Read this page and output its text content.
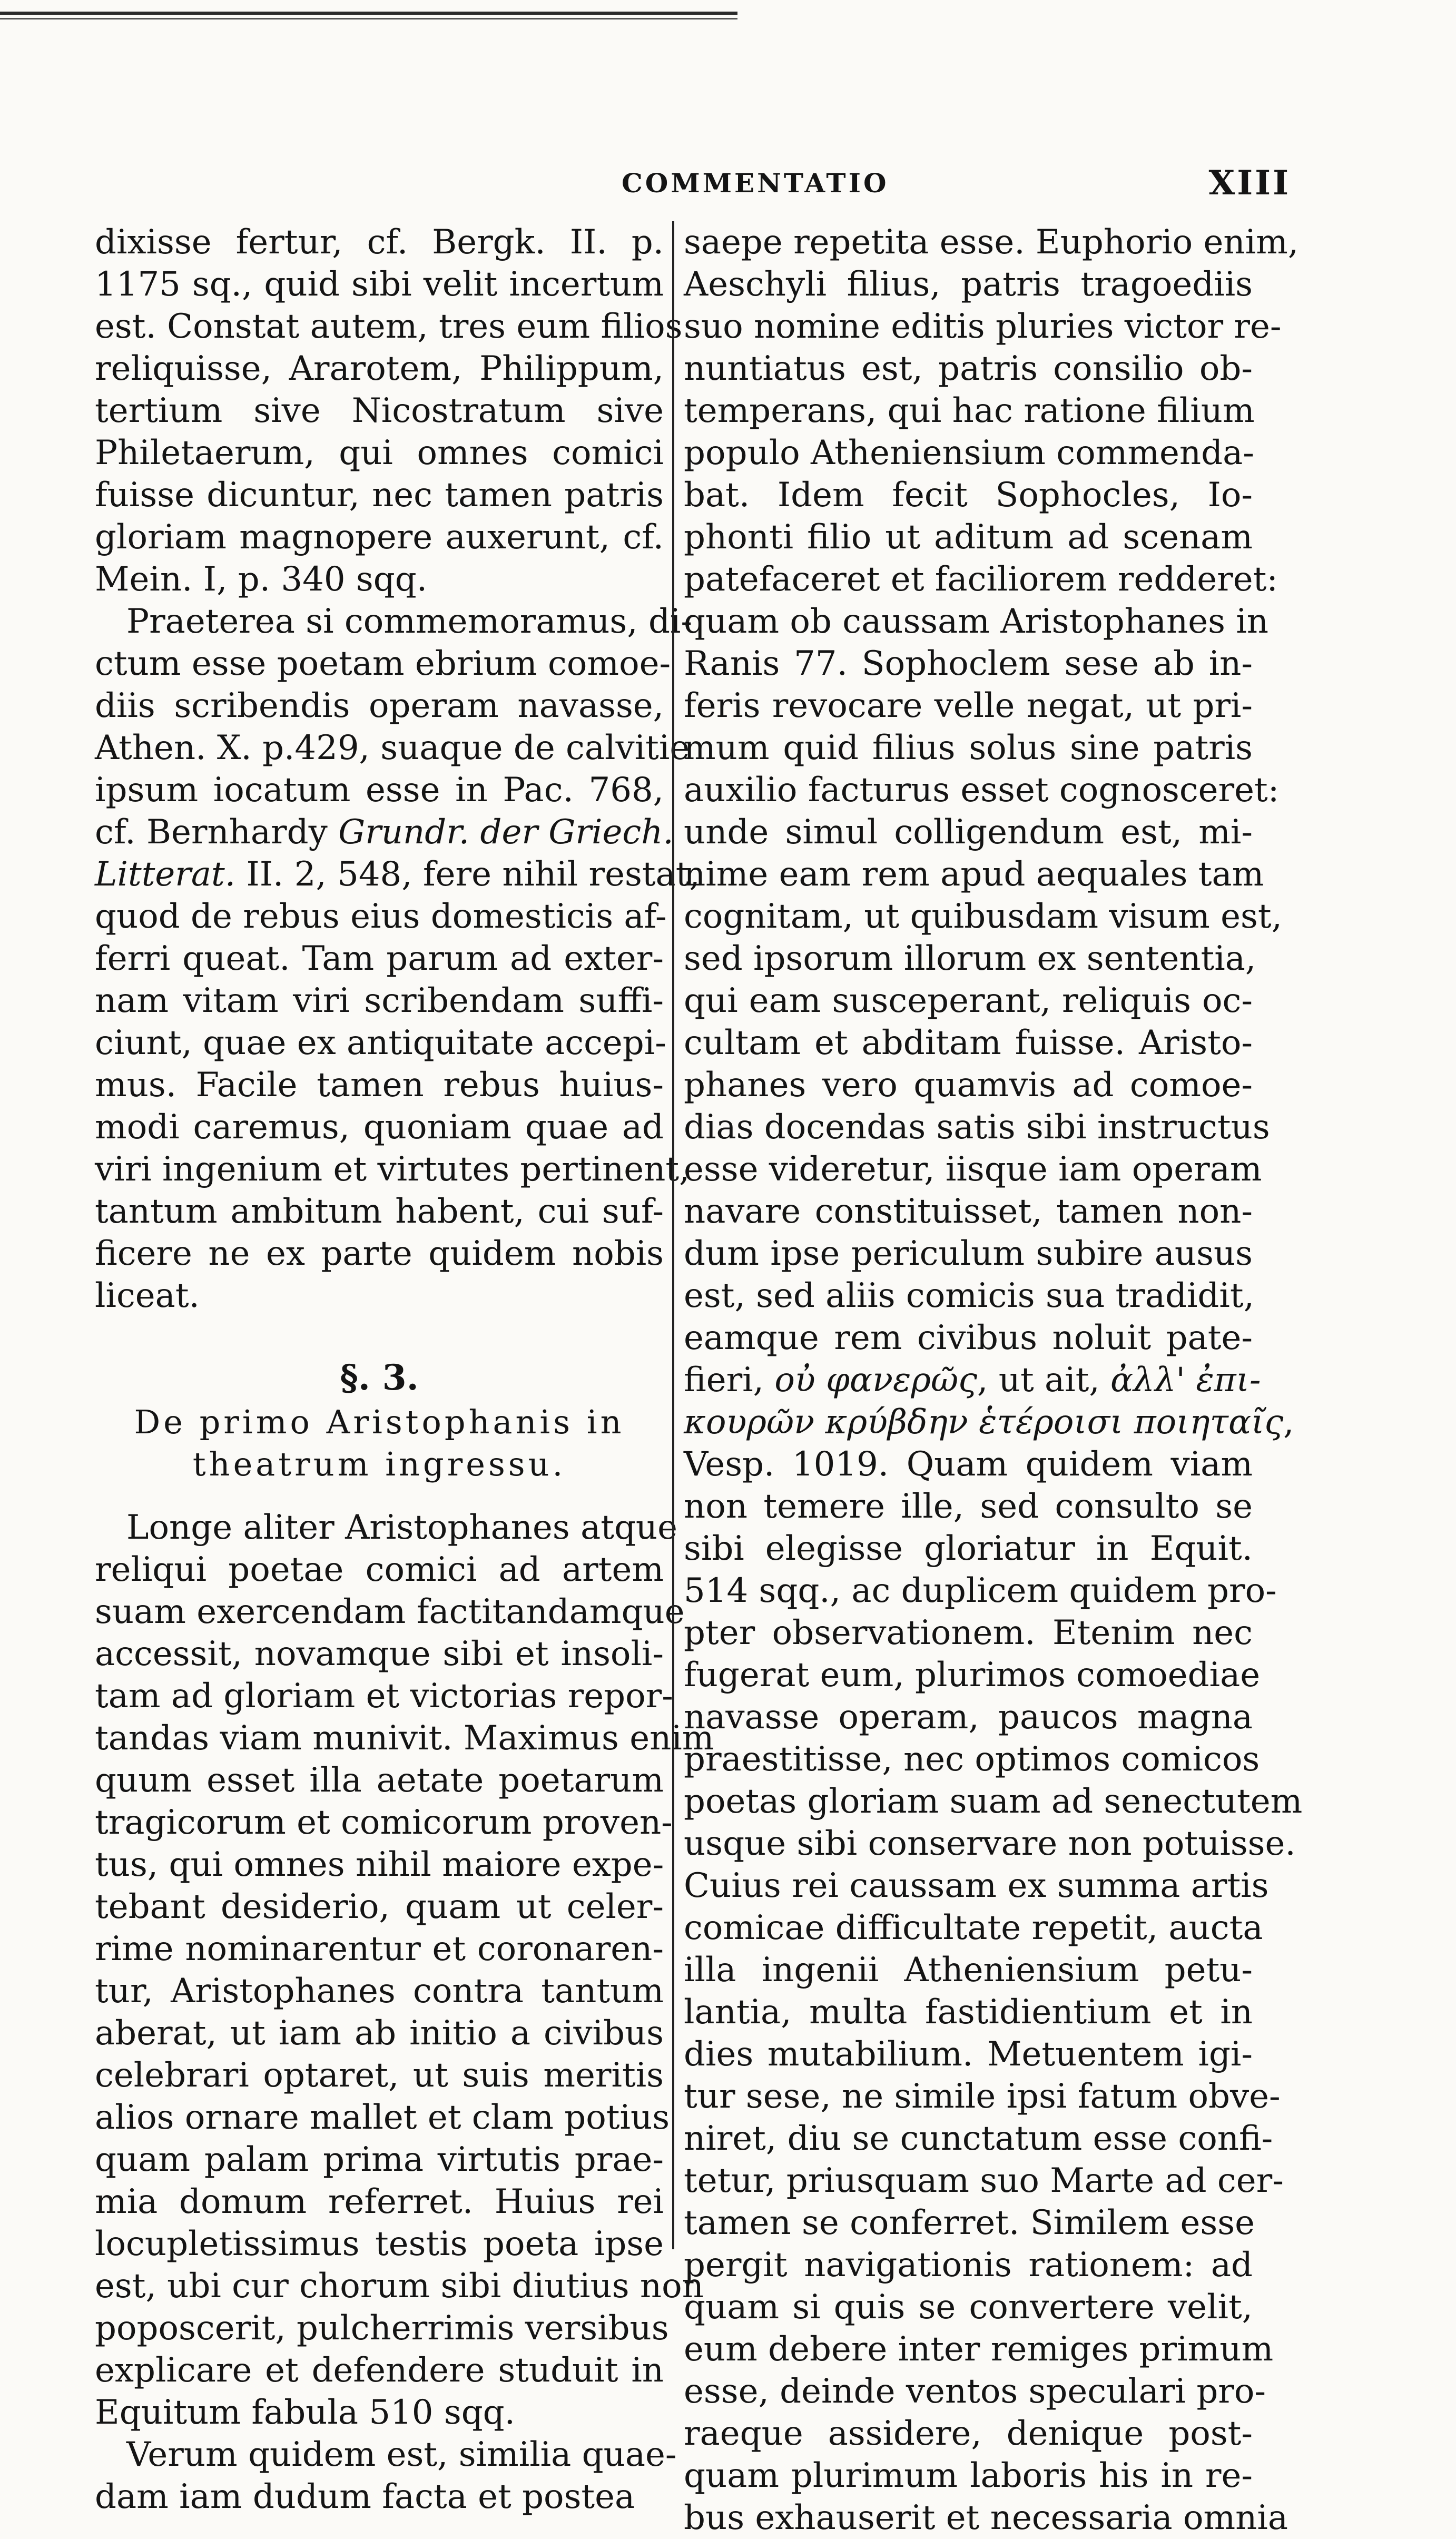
COMMENTATIO	XIII
dixisse fertur, cf. Bergk. II. p.
1175 sq., quid sibi velit incertum
est. Constat autem, tres eum filios
reliquisse, Ararotem, Philippum,
tertium sive Nicostratum sive
Philetaerum, qui omnes comici
fuisse dicuntur, nec tamen patris
gloriam magnopere auxerunt, cf.
Mein. I, p. 340 sqq.
Praeterea si commemoramus, di-
ctum esse poetam ebrium comoe-
diis scribendis operam navasse,
Athen. X. p.429, suaque de calvitie
ipsum iocatum esse in Pac. 768,
cf. Bernhardy Grundr. der Griech.
Litterat. II. 2, 548, fere nihil restat,
quod de rebus eius domesticis af-
ferri queat. Tam parum ad exter-
nam vitam viri scribendam suffi-
ciunt, quae ex antiquitate accepi-
mus. Facile tamen rebus huius-
modi caremus, quoniam quae ad
viri ingenium et virtutes pertinent,
tantum ambitum habent, cui suf-
ficere ne ex parte quidem nobis
liceat.
§. 3.
De primo Aristophanis in
theatrum ingressu.
Longe aliter Aristophanes atque
reliqui poetae comici ad artem
suam exercendam factitandamque
accessit, novamque sibi et insoli-
tam ad gloriam et victorias repor-
tandas viam munivit. Maximus enim
quum esset illa aetate poetarum
tragicorum et comicorum proven-
tus, qui omnes nihil maiore expe-
tebant desiderio, quam ut celer-
rime nominarentur et coronaren-
tur, Aristophanes contra tantum
aberat, ut iam ab initio a civibus
celebrari optaret, ut suis meritis
alios ornare mallet et clam potius
quam palam prima virtutis prae-
mia domum referret. Huius rei
locupletissimus testis poeta ipse
est, ubi cur chorum sibi diutius non
poposcerit, pulcherrimis versibus
explicare et defendere studuit in
Equitum fabula 510 sqq.
Verum quidem est, similia quae-
dam iam dudum facta et postea
saepe repetita esse. Euphorio enim,
Aeschyli filius, patris tragoediis
suo nomine editis pluries victor re-
nuntiatus est, patris consilio ob-
temperans, qui hac ratione filium
populo Atheniensium commenda-
bat. Idem fecit Sophocles, Io-
phonti filio ut aditum ad scenam
patefaceret et faciliorem redderet:
quam ob caussam Aristophanes in
Ranis 77. Sophoclem sese ab in-
feris revocare velle negat, ut pri-
mum quid filius solus sine patris
auxilio facturus esset cognosceret:
unde simul colligendum est, mi-
nime eam rem apud aequales tam
cognitam, ut quibusdam visum est,
sed ipsorum illorum ex sententia,
qui eam susceperant, reliquis oc-
cultam et abditam fuisse. Aristo-
phanes vero quamvis ad comoe-
dias docendas satis sibi instructus
esse videretur, iisque iam operam
navare constituisset, tamen non-
dum ipse periculum subire ausus
est, sed aliis comicis sua tradidit,
eamque rem civibus noluit pate-
fieri, οὐ φανερῶς, ut ait, ἀλλ' ἐπι-
κουρῶν κρύβδην ἑτέροισι ποιηταῖς,
Vesp. 1019. Quam quidem viam
non temere ille, sed consulto se
sibi elegisse gloriatur in Equit.
514 sqq., ac duplicem quidem pro-
pter observationem. Etenim nec
fugerat eum, plurimos comoediae
navasse operam, paucos magna
praestitisse, nec optimos comicos
poetas gloriam suam ad senectutem
usque sibi conservare non potuisse.
Cuius rei caussam ex summa artis
comicae difficultate repetit, aucta
illa ingenii Atheniensium petu-
lantia, multa fastidientium et in
dies mutabilium. Metuentem igi-
tur sese, ne simile ipsi fatum obve-
niret, diu se cunctatum esse confi-
tetur, priusquam suo Marte ad cer-
tamen se conferret. Similem esse
pergit navigationis rationem: ad
quam si quis se convertere velit,
eum debere inter remiges primum
esse, deinde ventos speculari pro-
raeque assidere, denique post-
quam plurimum laboris his in re-
bus exhauserit et necessaria omnia
